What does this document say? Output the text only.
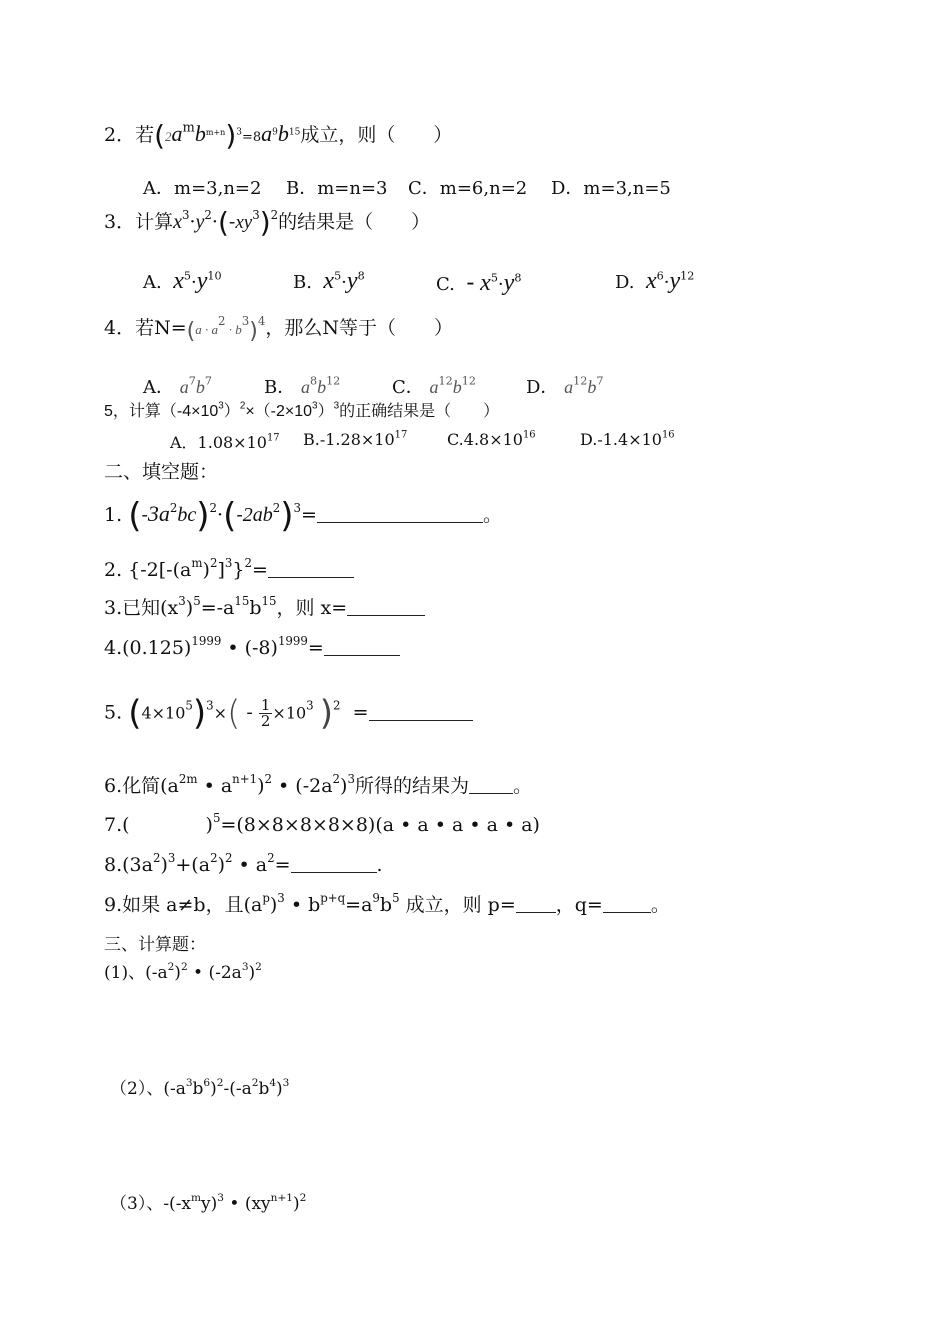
2．若$(2a^mb^{m+n})^3=8a^9b^{15}$成立，则（　　）
A．m=3,n=2 B．m=n=3 C．m=6,n=2 D．m=3,n=5
3．计算$x^3\cdot y^2\cdot(-xy^3)^2$的结果是（　　）
A. $x^5\cdot y^{10}$	B. $x^5\cdot y^8$	C. - $x^5\cdot y^8$	D. $x^6\cdot y^{12}$
4．若$N=(a \cdot a^2 \cdot b^3)^4$，那么N等于（　　）
A． $a^7b^7$	B． $a^8b^{12}$	C． $a^{12}b^{12}$	D． $a^{12}b^7$
5，计算$(-4\times 10^3)^2\times(-2\times 10^3)^3$的正确结果是（　　）
A．$1.08\times 10^{17}$ $B.-1.28\times 10^{17}$ $C.4.8\times 10^{16}$	$D.-1.4\times 10^{16}$
二、填空题：
1. $(-3a^2bc)^2\cdot(-2ab^2)^3=$	。
2. $\{-2[-(a^m)^2]^3\}^2=$
3.已知$(x^3)^5=-a^{15}b^{15}$，则 x=
$4.(0.125)^{1999}$ • $(-8)^{1999}=$
5. $(4\times 10^5)^3\times( - \frac{1}{2} \times 10^3$ )$^2$ =
6.化简($a^{2m}$ • $a^{n+1})^2$ • $(-2a^2)^3$所得的结果为 。
7.(　　　　)$^5$=(8×8×8×8×8)(a • a • a • a • a)
$8.(3a^2)^3+(a^2)^2$ • $a^2=$	.
9.如果 a≠b，且$(a^p)^3$ • $b^{p+q}=a^9b^5$ 成立，则 p= ，q=	。
三、计算题：
(1)、$(-a^2)^2$ • $(-2a^3)^2$
（2）、$(-a^3b^6)^2-(-a^2b^4)^3$
（3）、$-(-x^my)^3$ • $(xy^{n+1})^2$
